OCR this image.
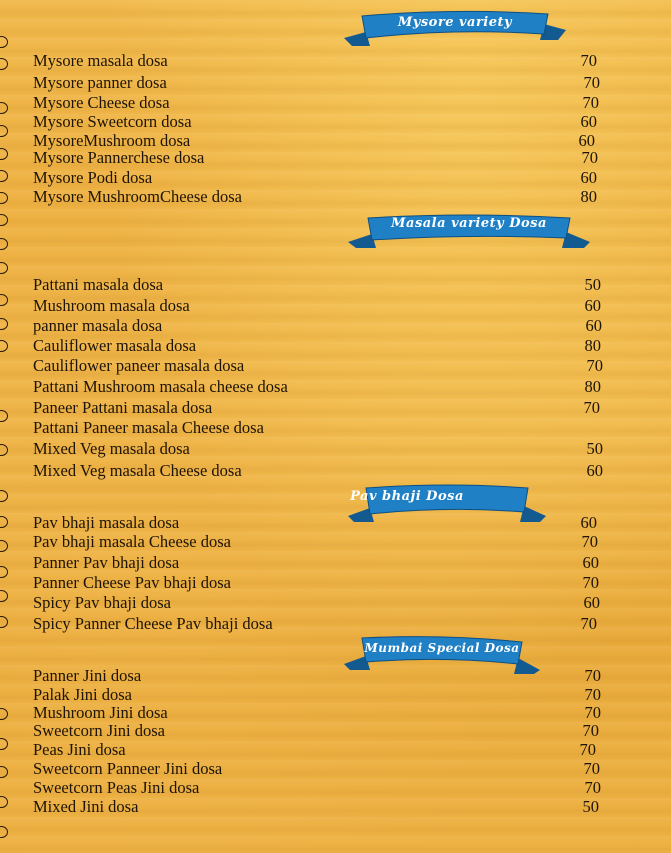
Mysore variety
Masala variety Dosa
Pav bhaji Dosa
Mumbai Special Dosa
Mysore masala dosa	70
Mysore panner dosa	70
Mysore Cheese dosa	70
Mysore Sweetcorn dosa	60
MysoreMushroom dosa	60
Mysore Pannerchese dosa	70
Mysore Podi dosa	60
Mysore MushroomCheese dosa	80
Pattani masala dosa	50
Mushroom masala dosa	60
panner masala dosa	60
Cauliflower masala dosa	80
Cauliflower paneer masala dosa	70
Pattani Mushroom masala cheese dosa	80
Paneer Pattani masala dosa	70
Pattani Paneer masala Cheese dosa
Mixed Veg masala dosa	50
Mixed Veg masala Cheese dosa	60
Pav bhaji masala dosa	60
Pav bhaji masala Cheese dosa	70
Panner Pav bhaji dosa	60
Panner Cheese Pav bhaji dosa	70
Spicy Pav bhaji dosa	60
Spicy Panner Cheese Pav bhaji dosa	70
Panner Jini dosa	70
Palak Jini dosa	70
Mushroom Jini dosa	70
Sweetcorn Jini dosa	70
Peas Jini dosa	70
Sweetcorn Panneer Jini dosa	70
Sweetcorn Peas Jini dosa	70
Mixed Jini dosa	50
